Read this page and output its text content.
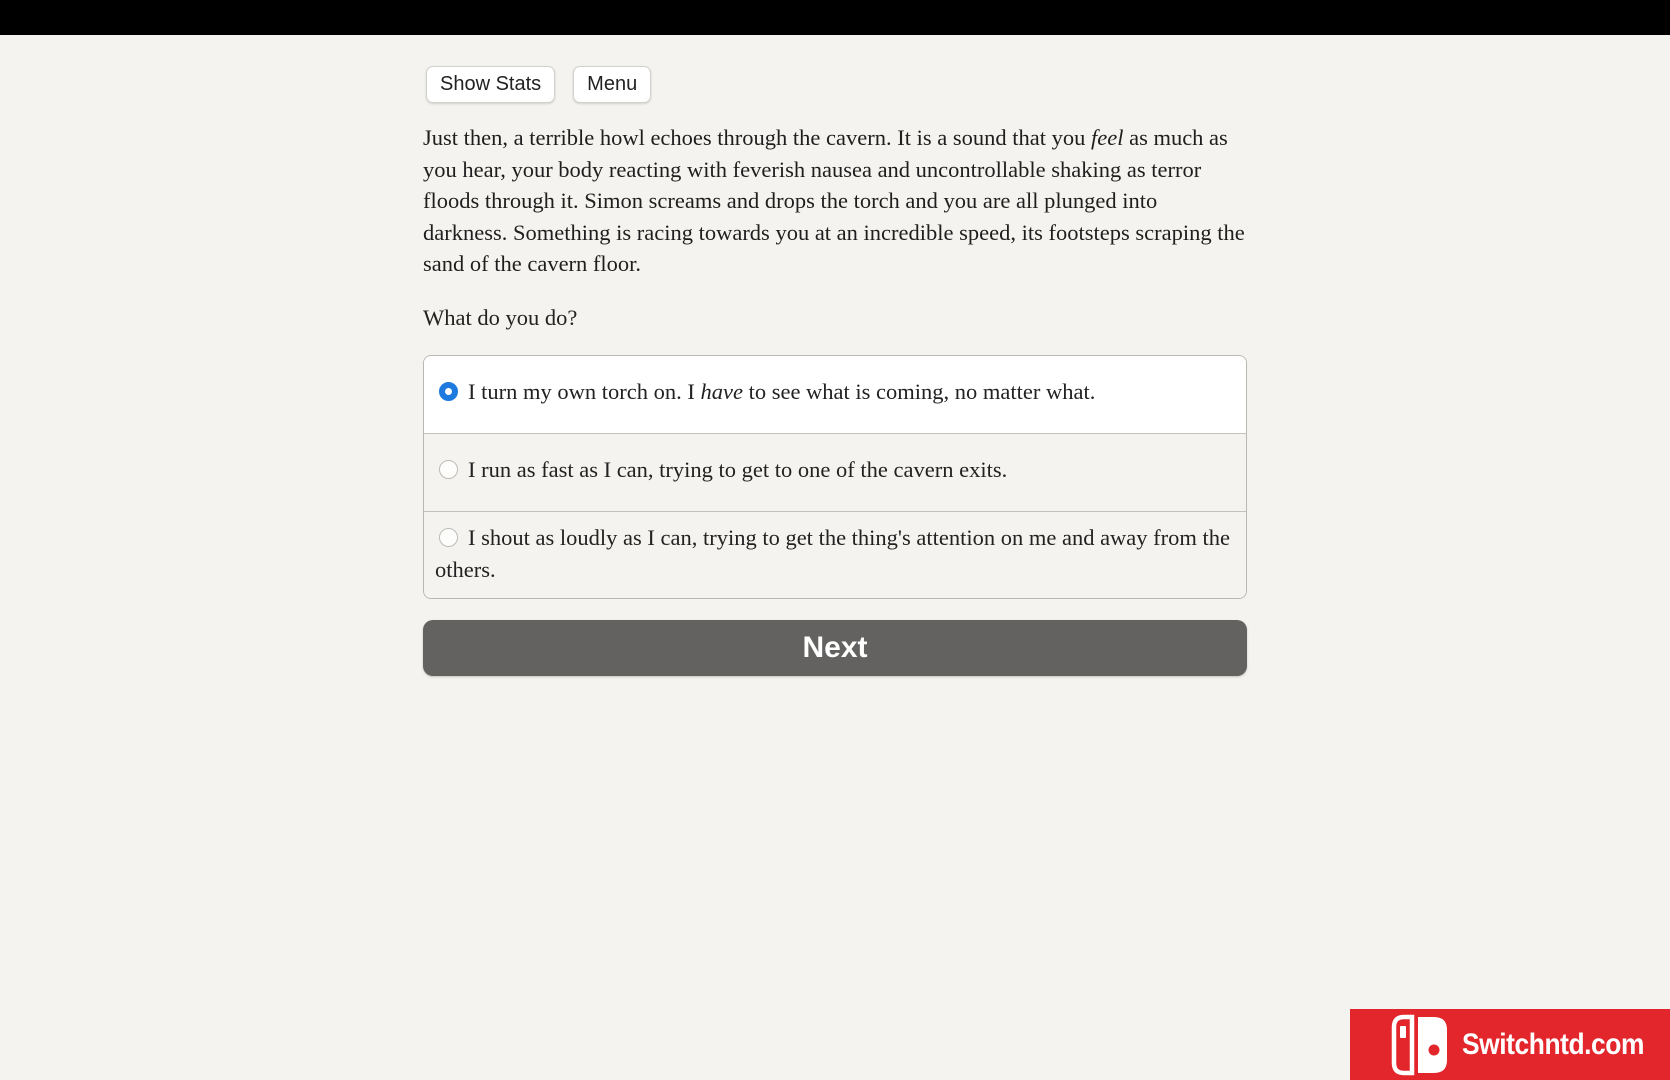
Show Stats	Menu

Just then, a terrible howl echoes through the cavern. It is a sound that you feel as much as you hear, your body reacting with feverish nausea and uncontrollable shaking as terror floods through it. Simon screams and drops the torch and you are all plunged into darkness. Something is racing towards you at an incredible speed, its footsteps scraping the sand of the cavern floor.

What do you do?
I turn my own torch on. I have to see what is coming, no matter what.
I run as fast as I can, trying to get to one of the cavern exits.
I shout as loudly as I can, trying to get the thing's attention on me and away from the others.
Next
Switchntd.com
